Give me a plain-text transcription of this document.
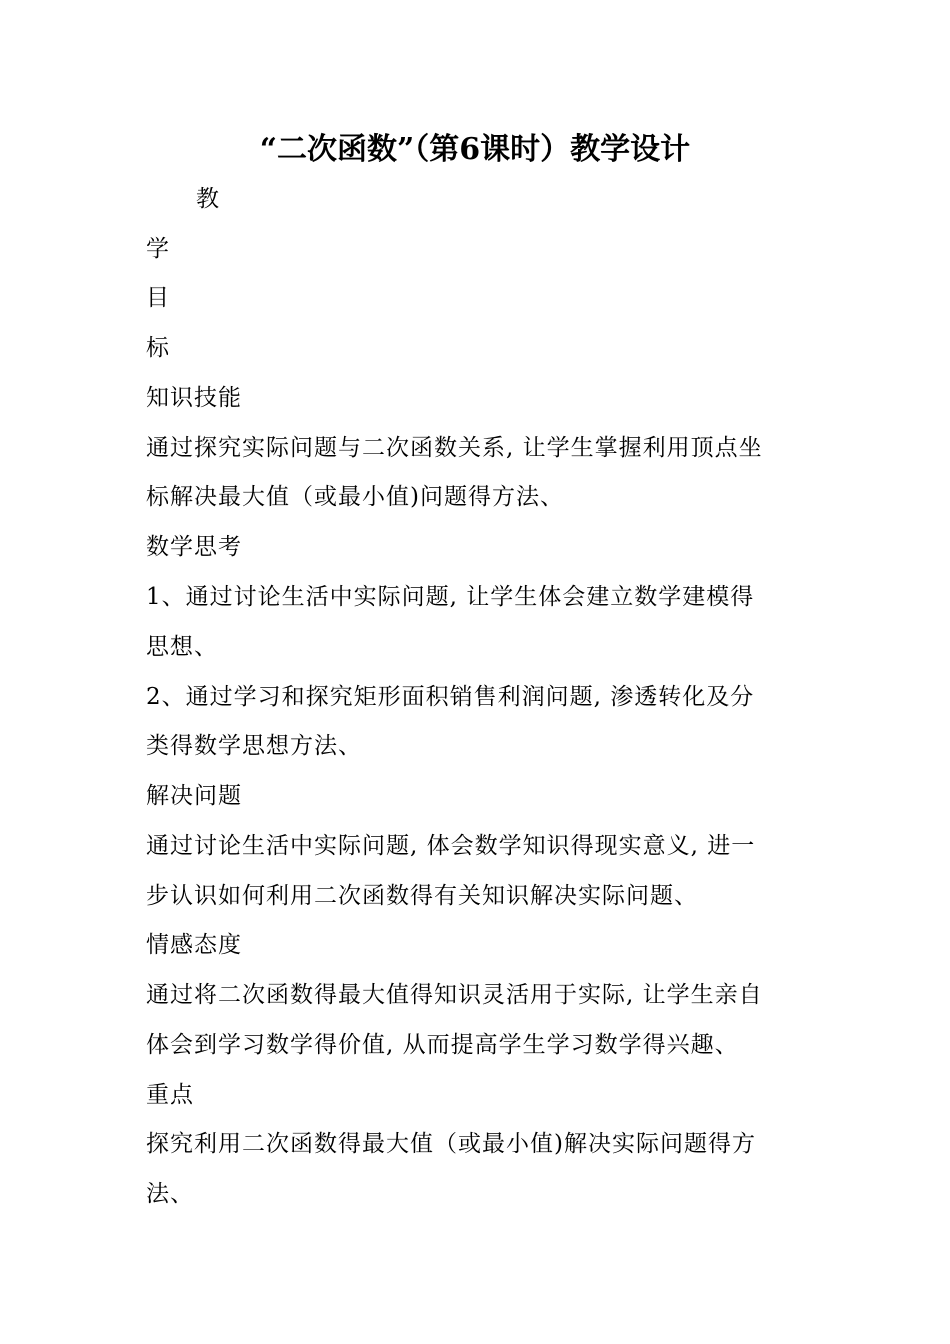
“二次函数”（第6课时）教学设计
教
学
目
标
知识技能
通过探究实际问题与二次函数关系, 让学生掌握利用顶点坐
标解决最大值（或最小值)问题得方法、
数学思考
1、通过讨论生活中实际问题, 让学生体会建立数学建模得
思想、
2、通过学习和探究矩形面积销售利润问题, 渗透转化及分
类得数学思想方法、
解决问题
通过讨论生活中实际问题, 体会数学知识得现实意义, 进一
步认识如何利用二次函数得有关知识解决实际问题、
情感态度
通过将二次函数得最大值得知识灵活用于实际, 让学生亲自
体会到学习数学得价值, 从而提高学生学习数学得兴趣、
重点
探究利用二次函数得最大值（或最小值)解决实际问题得方
法、
